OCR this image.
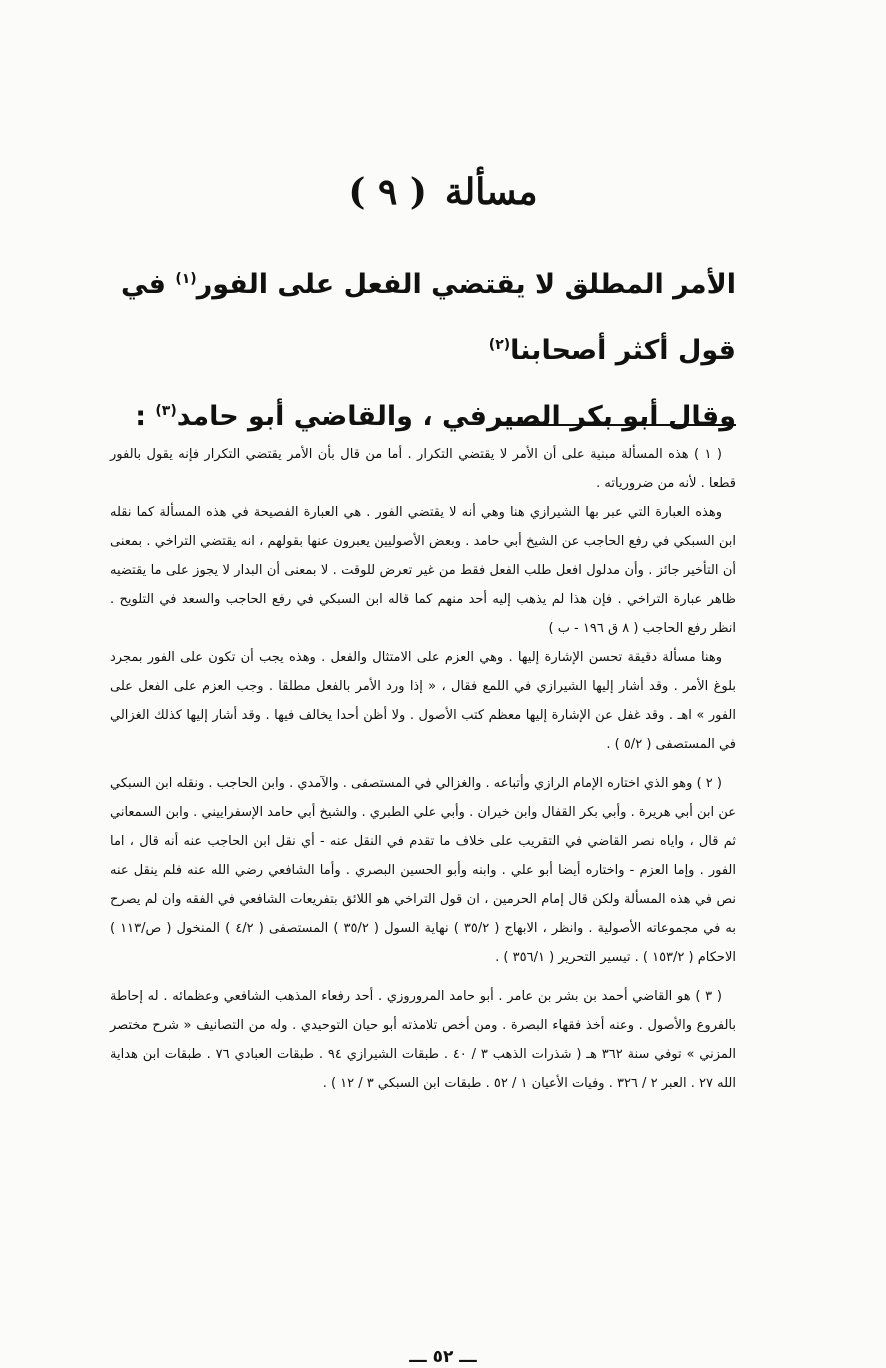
مسألة( ٩ )

الأمر المطلق لا يقتضي الفعل على الفور$^{(١)}$ في قول أكثر أصحابنا$^{(٢)}$

وقال أبو بكر الصيرفي ، والقاضي أبو حامد$^{(٣)}$ :

( ١ ) هذه المسألة مبنية على أن الأمر لا يقتضي التكرار . أما من قال بأن الأمر يقتضي التكرار فإنه يقول بالفور قطعا . لأنه من ضرورياته .

وهذه العبارة التي عبر بها الشيرازي هنا وهي أنه لا يقتضي الفور . هي العبارة الفصيحة في هذه المسألة كما نقله ابن السبكي في رفع الحاجب عن الشيخ أبي حامد . وبعض الأصوليين يعبرون عنها بقولهم ، انه يقتضي التراخي . بمعنى أن التأخير جائز . وأن مدلول افعل طلب الفعل فقط من غير تعرض للوقت . لا بمعنى أن البدار لا يجوز على ما يقتضيه ظاهر عبارة التراخي . فإن هذا لم يذهب إليه أحد منهم كما قاله ابن السبكي في رفع الحاجب والسعد في التلويح . انظر رفع الحاجب ( ٨ ق ١٩٦ - ب )

وهنا مسألة دقيقة تحسن الإشارة إليها . وهي العزم على الامتثال والفعل . وهذه يجب أن تكون على الفور بمجرد بلوغ الأمر . وقد أشار إليها الشيرازي في اللمع فقال ، « إذا ورد الأمر بالفعل مطلقا . وجب العزم على الفعل على الفور » اهـ . وقد غفل عن الإشارة إليها معظم كتب الأصول . ولا أظن أحدا يخالف فيها . وقد أشار إليها كذلك الغزالي في المستصفى ( ٥/٢ ) .

( ٢ ) وهو الذي اختاره الإمام الرازي وأتباعه . والغزالي في المستصفى . والآمدي . وابن الحاجب . ونقله ابن السبكي عن ابن أبي هريرة . وأبي بكر القفال وابن خيران . وأبي علي الطبري . والشيخ أبي حامد الإسفراييني . وابن السمعاني ثم قال ، واياه نصر القاضي في التقريب على خلاف ما تقدم في النقل عنه - أي نقل ابن الحاجب عنه أنه قال ، اما الفور . وإما العزم - واختاره أيضا أبو علي . وابنه وأبو الحسين البصري . وأما الشافعي رضي الله عنه فلم ينقل عنه نص في هذه المسألة ولكن قال إمام الحرمين ، ان قول التراخي هو اللائق بتفريعات الشافعي في الفقه وان لم يصرح به في مجموعاته الأصولية . وانظر ، الابهاج ( ٣٥/٢ ) نهاية السول ( ٣٥/٢ ) المستصفى ( ٤/٢ ) المنخول ( ص/١١٣ ) الاحكام ( ١٥٣/٢ ) . تيسير التحرير ( ٣٥٦/١ ) .

( ٣ ) هو القاضي أحمد بن بشر بن عامر . أبو حامد المروروزي . أحد رفعاء المذهب الشافعي وعظمائه . له إحاطة بالفروع والأصول . وعنه أخذ فقهاء البصرة . ومن أخص تلامذته أبو حيان التوحيدي . وله من التصانيف « شرح مختصر المزني » توفي سنة ٣٦٢ هـ ( شذرات الذهب ٣ / ٤٠ . طبقات الشيرازي ٩٤ . طبقات العبادي ٧٦ . طبقات ابن هداية الله ٢٧ . العبر ٢ / ٣٢٦ . وفيات الأعيان ١ / ٥٢ . طبقات ابن السبكي ٣ / ١٢ ) .

ـــ ٥٢ ـــ
